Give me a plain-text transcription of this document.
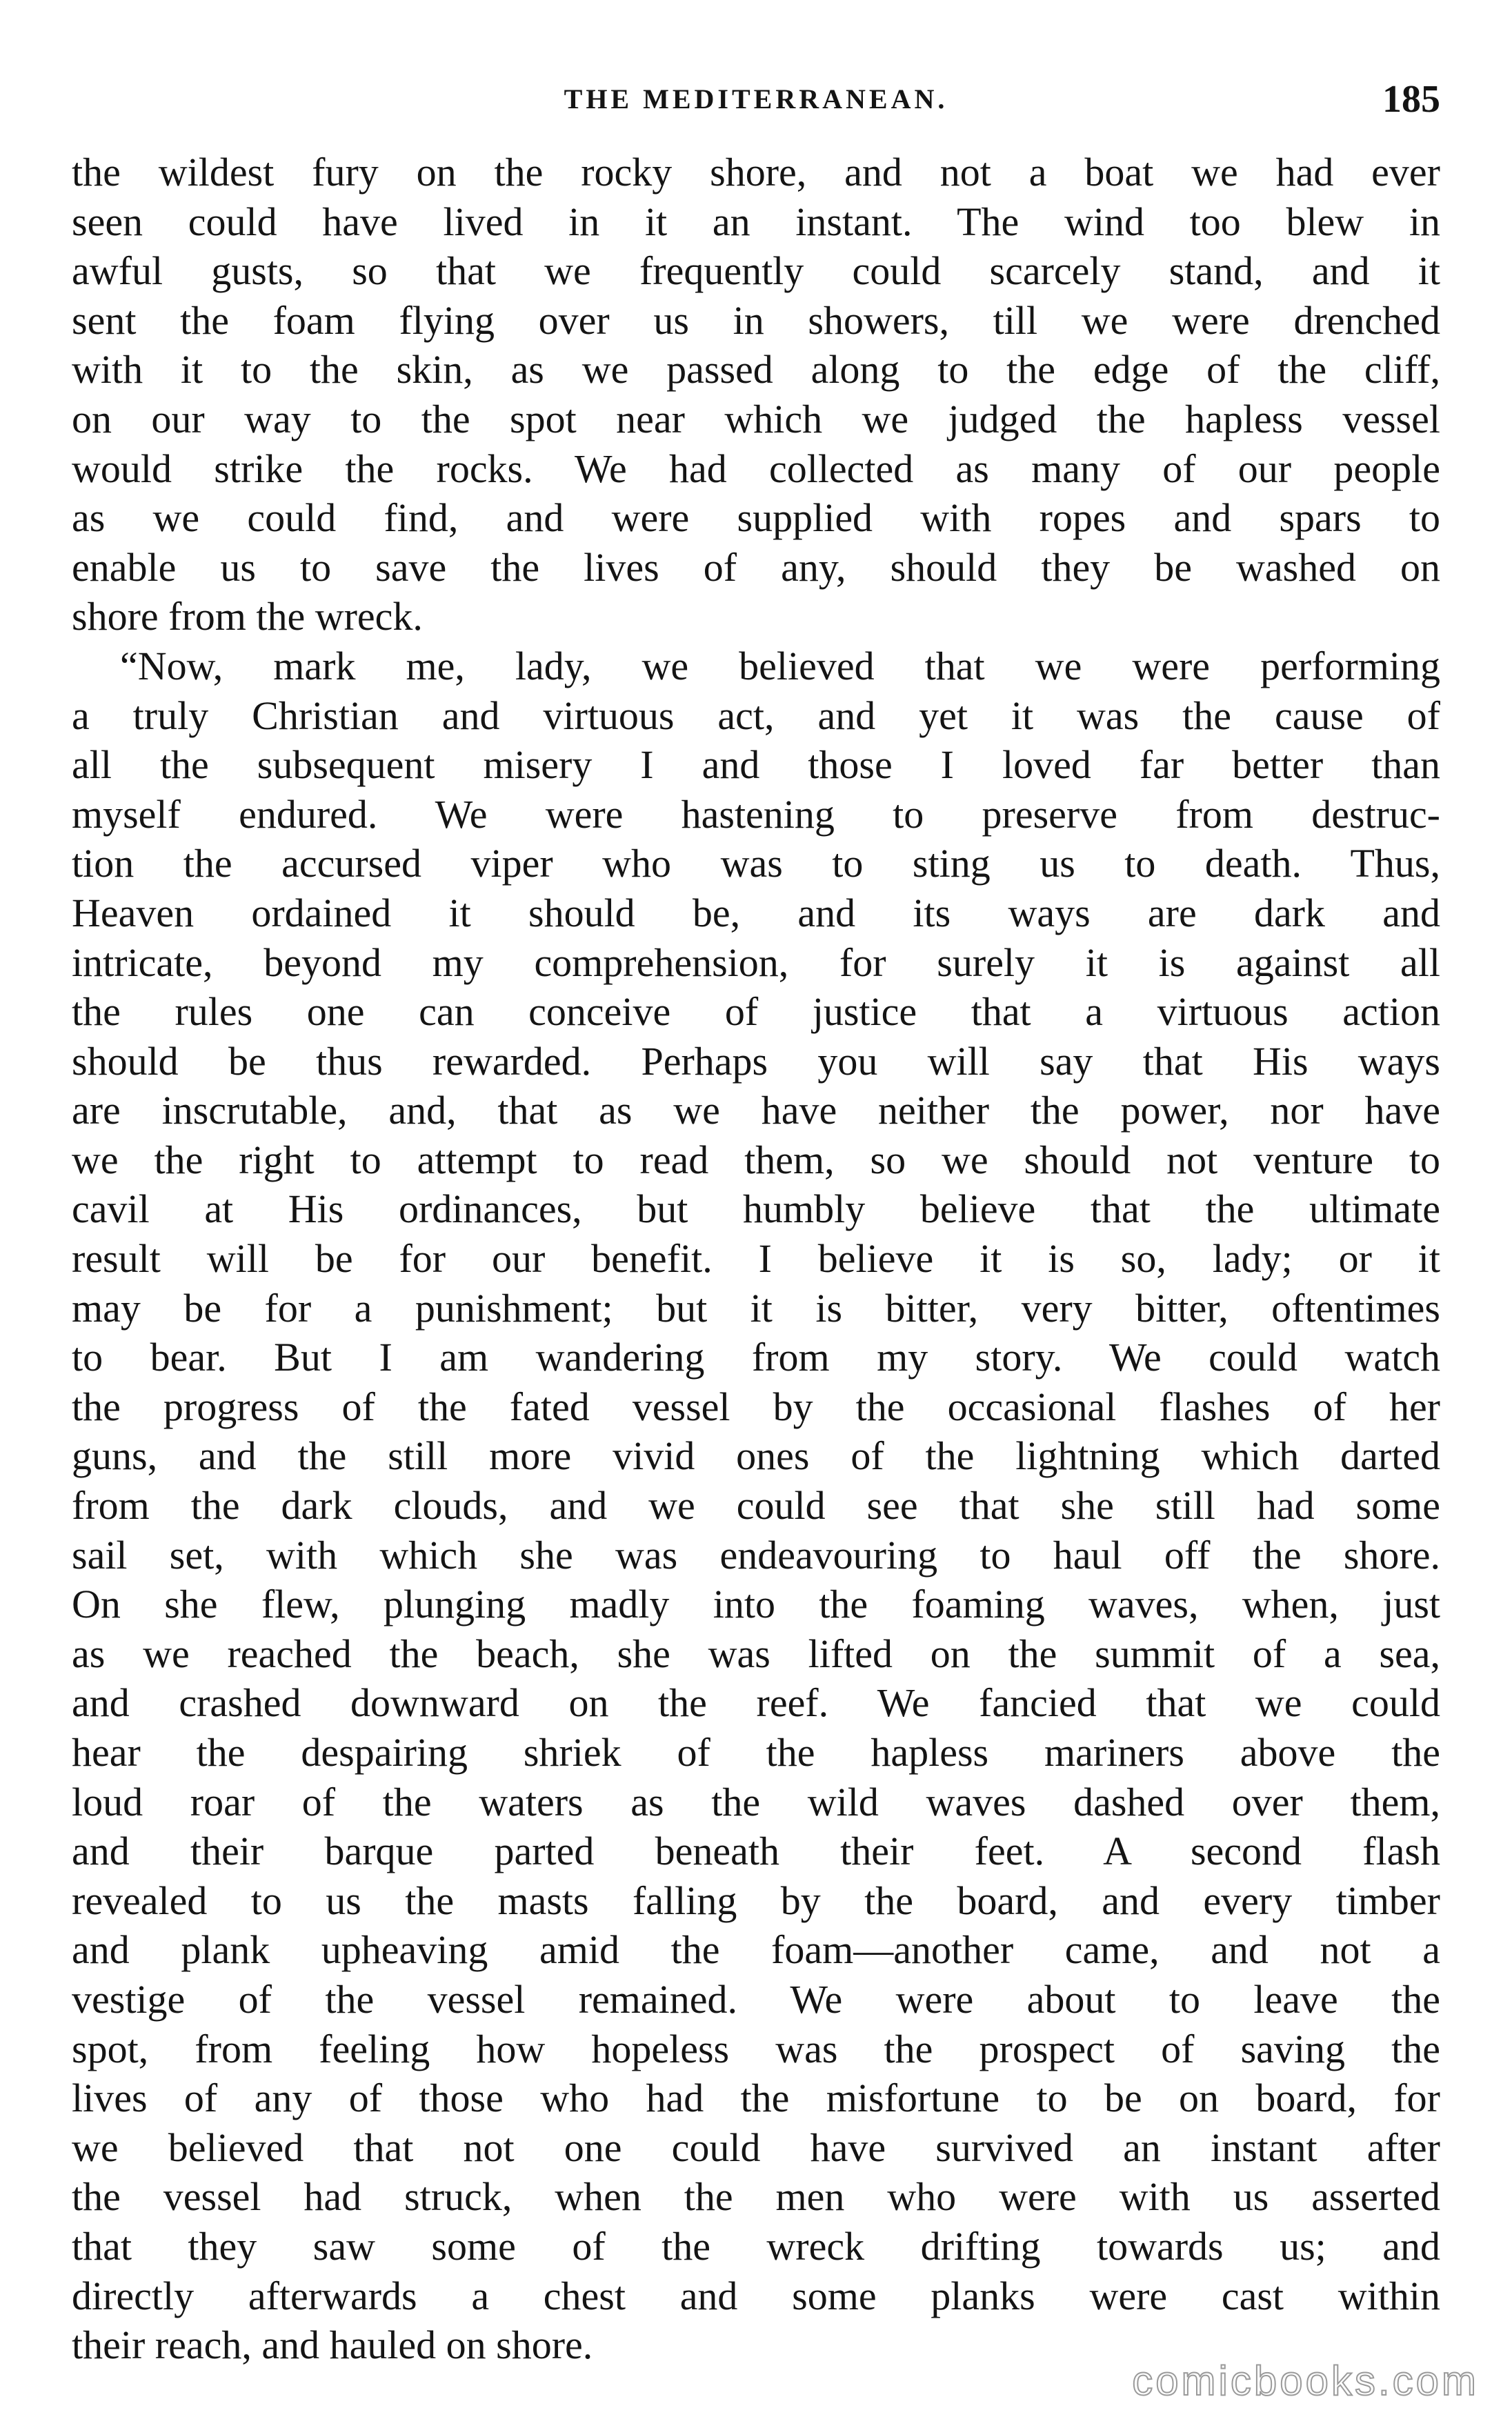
THE MEDITERRANEAN.	185
the wildest fury on the rocky shore, and not a boat we had ever
seen could have lived in it an instant. The wind too blew in
awful gusts, so that we frequently could scarcely stand, and it
sent the foam flying over us in showers, till we were drenched
with it to the skin, as we passed along to the edge of the cliff,
on our way to the spot near which we judged the hapless vessel
would strike the rocks. We had collected as many of our people
as we could find, and were supplied with ropes and spars to
enable us to save the lives of any, should they be washed on
shore from the wreck.
“Now, mark me, lady, we believed that we were performing
a truly Christian and virtuous act, and yet it was the cause of
all the subsequent misery I and those I loved far better than
myself endured. We were hastening to preserve from destruc-
tion the accursed viper who was to sting us to death. Thus,
Heaven ordained it should be, and its ways are dark and
intricate, beyond my comprehension, for surely it is against all
the rules one can conceive of justice that a virtuous action
should be thus rewarded. Perhaps you will say that His ways
are inscrutable, and, that as we have neither the power, nor have
we the right to attempt to read them, so we should not venture to
cavil at His ordinances, but humbly believe that the ultimate
result will be for our benefit. I believe it is so, lady; or it
may be for a punishment; but it is bitter, very bitter, oftentimes
to bear. But I am wandering from my story. We could watch
the progress of the fated vessel by the occasional flashes of her
guns, and the still more vivid ones of the lightning which darted
from the dark clouds, and we could see that she still had some
sail set, with which she was endeavouring to haul off the shore.
On she flew, plunging madly into the foaming waves, when, just
as we reached the beach, she was lifted on the summit of a sea,
and crashed downward on the reef. We fancied that we could
hear the despairing shriek of the hapless mariners above the
loud roar of the waters as the wild waves dashed over them,
and their barque parted beneath their feet. A second flash
revealed to us the masts falling by the board, and every timber
and plank upheaving amid the foam—another came, and not a
vestige of the vessel remained. We were about to leave the
spot, from feeling how hopeless was the prospect of saving the
lives of any of those who had the misfortune to be on board, for
we believed that not one could have survived an instant after
the vessel had struck, when the men who were with us asserted
that they saw some of the wreck drifting towards us; and
directly afterwards a chest and some planks were cast within
their reach, and hauled on shore.
comicbooks.com
